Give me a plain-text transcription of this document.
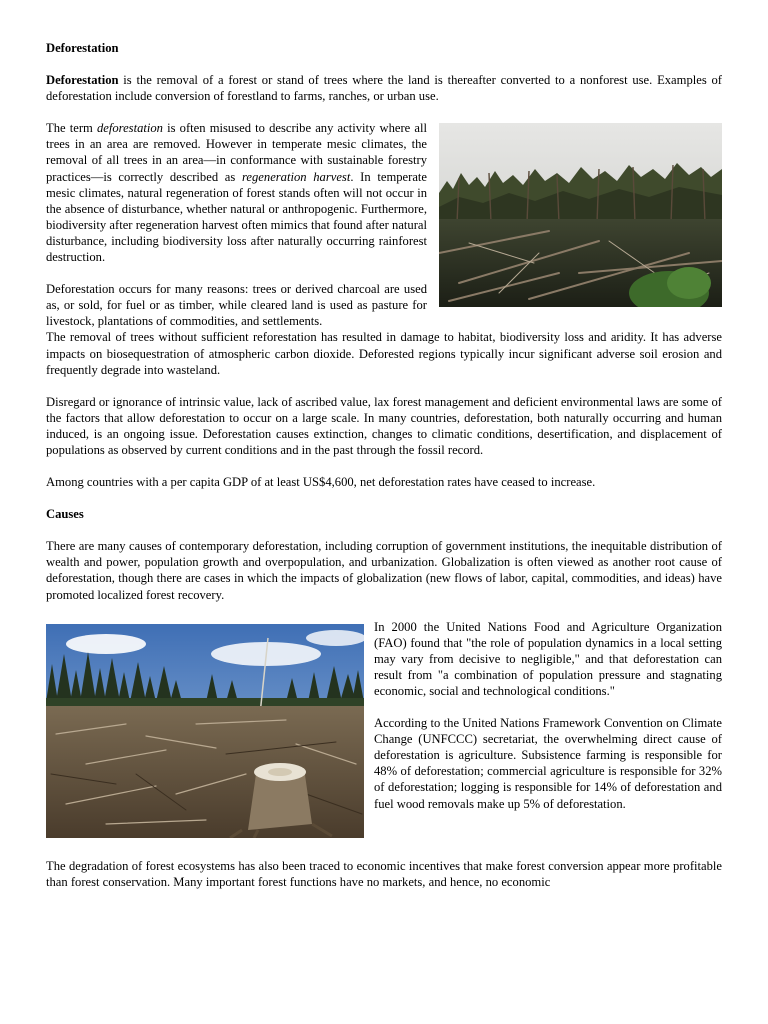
Deforestation

Deforestation is the removal of a forest or stand of trees where the land is thereafter converted to a nonforest use. Examples of deforestation include conversion of forestland to farms, ranches, or urban use.

The term deforestation is often misused to describe any activity where all trees in an area are removed. However in temperate mesic climates, the removal of all trees in an area—in conformance with sustainable forestry practices—is correctly described as regeneration harvest. In temperate mesic climates, natural regeneration of forest stands often will not occur in the absence of disturbance, whether natural or anthropogenic. Furthermore, biodiversity after regeneration harvest often mimics that found after natural disturbance, including biodiversity loss after naturally occurring rainforest destruction.

Deforestation occurs for many reasons: trees or derived charcoal are used as, or sold, for fuel or as timber, while cleared land is used as pasture for livestock, plantations of commodities, and settlements.

The removal of trees without sufficient reforestation has resulted in damage to habitat, biodiversity loss and aridity. It has adverse impacts on biosequestration of atmospheric carbon dioxide. Deforested regions typically incur significant adverse soil erosion and frequently degrade into wasteland.

Disregard or ignorance of intrinsic value, lack of ascribed value, lax forest management and deficient environmental laws are some of the factors that allow deforestation to occur on a large scale. In many countries, deforestation, both naturally occurring and human induced, is an ongoing issue. Deforestation causes extinction, changes to climatic conditions, desertification, and displacement of populations as observed by current conditions and in the past through the fossil record.

Among countries with a per capita GDP of at least US$4,600, net deforestation rates have ceased to increase.

Causes

There are many causes of contemporary deforestation, including corruption of government institutions, the inequitable distribution of wealth and power, population growth and overpopulation, and urbanization. Globalization is often viewed as another root cause of deforestation, though there are cases in which the impacts of globalization (new flows of labor, capital, commodities, and ideas) have promoted localized forest recovery.

In 2000 the United Nations Food and Agriculture Organization (FAO) found that "the role of population dynamics in a local setting may vary from decisive to negligible," and that deforestation can result from "a combination of population pressure and stagnating economic, social and technological conditions."

According to the United Nations Framework Convention on Climate Change (UNFCCC) secretariat, the overwhelming direct cause of deforestation is agriculture. Subsistence farming is responsible for 48% of deforestation; commercial agriculture is responsible for 32% of deforestation; logging is responsible for 14% of deforestation and fuel wood removals make up 5% of deforestation.

The degradation of forest ecosystems has also been traced to economic incentives that make forest conversion appear more profitable than forest conservation. Many important forest functions have no markets, and hence, no economic
